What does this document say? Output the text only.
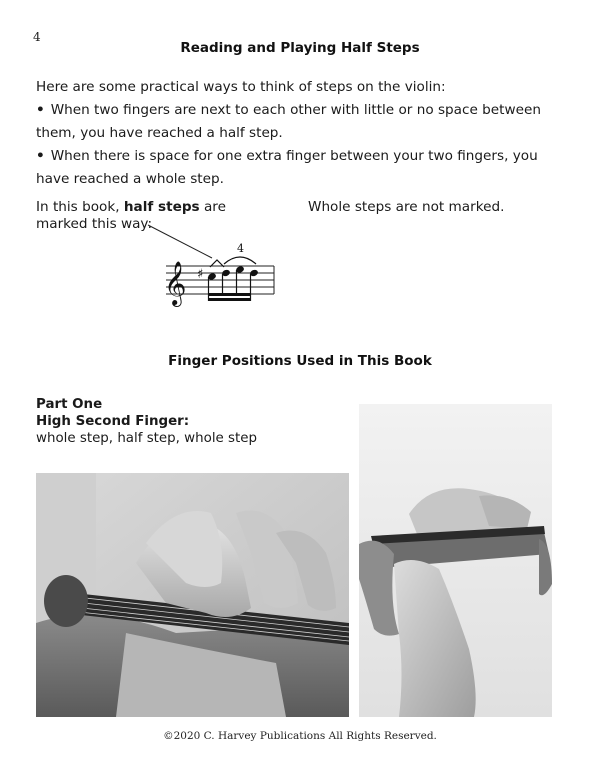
4
Reading and Playing Half Steps
Here are some practical ways to think of steps on the violin:
• When two fingers are next to each other with little or no space between them, you have reached a half step.
• When there is space for one extra finger between your two fingers, you have reached a whole step.
In this book, half steps are marked this way:
Whole steps are not marked.
𝄞 ♯
4
Finger Positions Used in This Book
Part One
High Second Finger:
whole step, half step, whole step
©2020 C. Harvey Publications All Rights Reserved.
